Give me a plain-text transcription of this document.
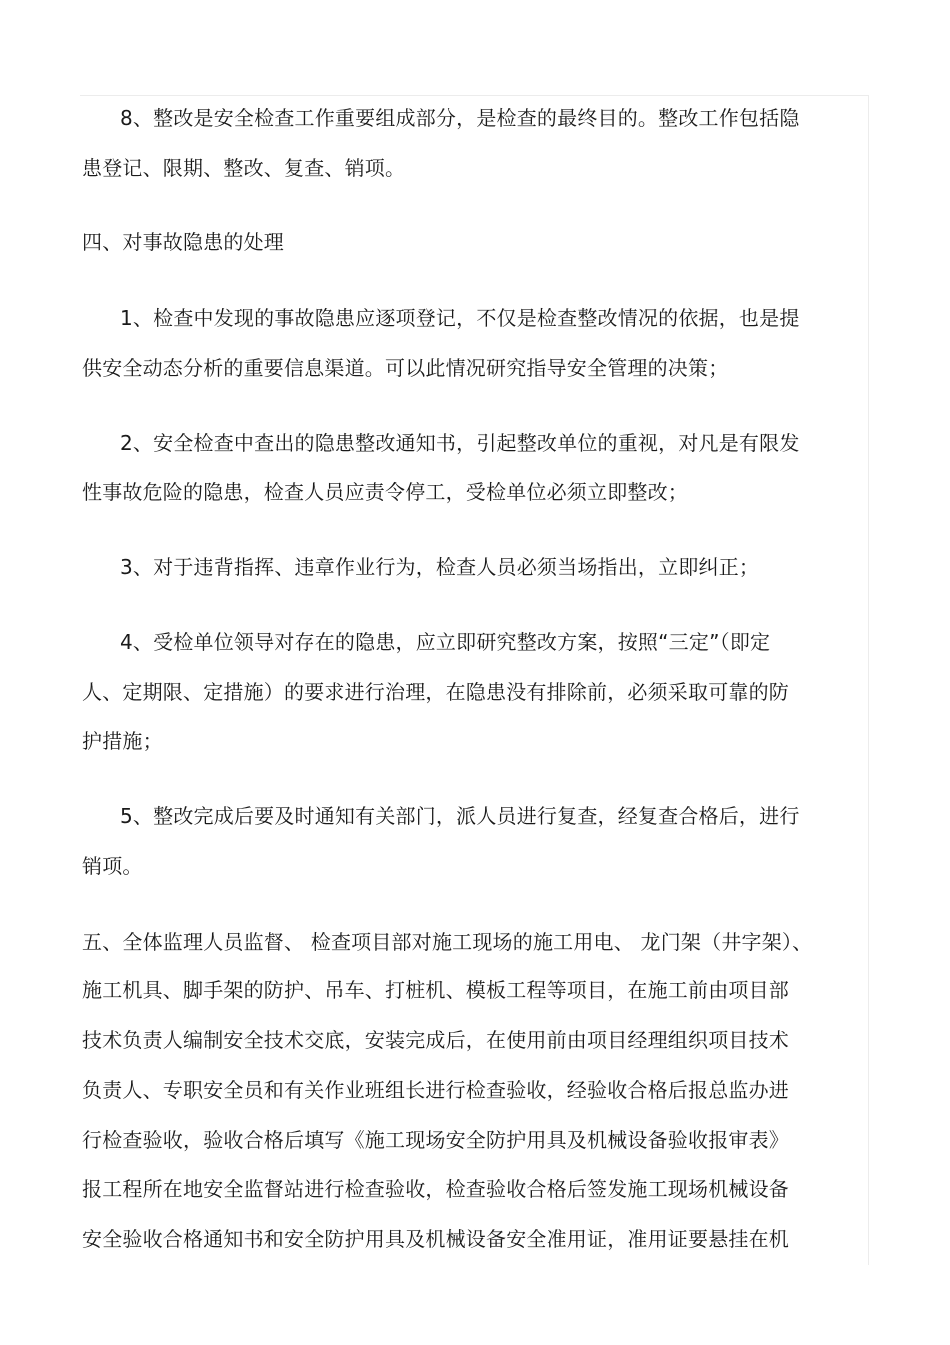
8、整改是安全检查工作重要组成部分，是检查的最终目的。整改工作包括隐
患登记、限期、整改、复查、销项。
四、对事故隐患的处理
1、检查中发现的事故隐患应逐项登记，不仅是检查整改情况的依据，也是提
供安全动态分析的重要信息渠道。可以此情况研究指导安全管理的决策；
2、安全检查中查出的隐患整改通知书，引起整改单位的重视，对凡是有限发
性事故危险的隐患，检查人员应责令停工，受检单位必须立即整改；
3、对于违背指挥、违章作业行为，检查人员必须当场指出，立即纠正；
4、受检单位领导对存在的隐患，应立即研究整改方案，按照“三定”（即定
人、定期限、定措施）的要求进行治理，在隐患没有排除前，必须采取可靠的防
护措施；
5、整改完成后要及时通知有关部门，派人员进行复查，经复查合格后，进行
销项。
五、全体监理人员监督、 检查项目部对施工现场的施工用电、 龙门架（井字架）、
施工机具、脚手架的防护、吊车、打桩机、模板工程等项目，在施工前由项目部
技术负责人编制安全技术交底，安装完成后，在使用前由项目经理组织项目技术
负责人、专职安全员和有关作业班组长进行检查验收，经验收合格后报总监办进
行检查验收，验收合格后填写《施工现场安全防护用具及机械设备验收报审表》
报工程所在地安全监督站进行检查验收，检查验收合格后签发施工现场机械设备
安全验收合格通知书和安全防护用具及机械设备安全准用证，准用证要悬挂在机
